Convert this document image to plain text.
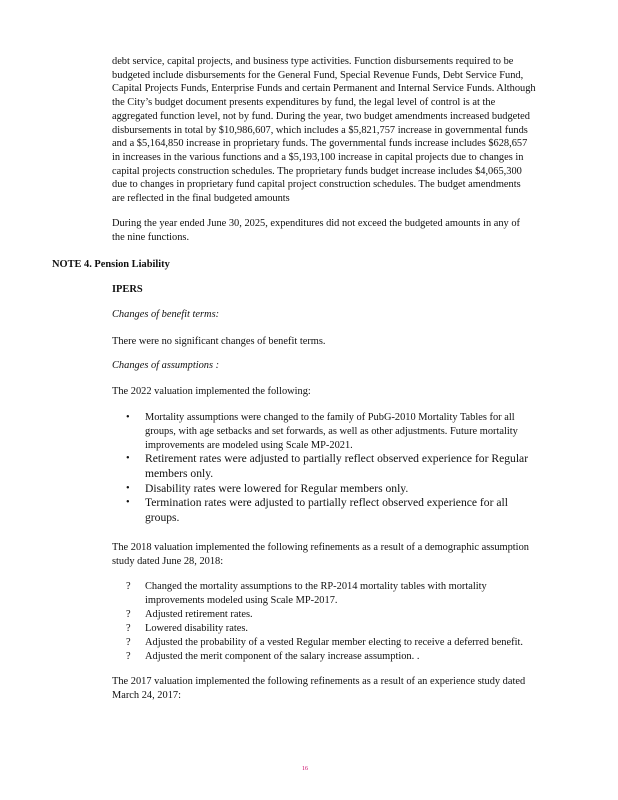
debt service, capital projects, and business type activities. Function disbursements required to be
budgeted include disbursements for the General Fund, Special Revenue Funds, Debt Service Fund,
Capital Projects Funds, Enterprise Funds and certain Permanent and Internal Service Funds. Although
the City’s budget document presents expenditures by fund, the legal level of control is at the
aggregated function level, not by fund. During the year, two budget amendments increased budgeted
disbursements in total by $10,986,607, which includes a $5,821,757 increase in governmental funds
and a $5,164,850 increase in proprietary funds. The governmental funds increase includes $628,657
in increases in the various functions and a $5,193,100 increase in capital projects due to changes in
capital projects construction schedules. The proprietary funds budget increase includes $4,065,300
due to changes in proprietary fund capital project construction schedules. The budget amendments
are reflected in the final budgeted amounts
During the year ended June 30, 2025, expenditures did not exceed the budgeted amounts in any of
the nine functions.
NOTE 4. Pension Liability
IPERS
Changes of benefit terms:
There were no significant changes of benefit terms.
Changes of assumptions :
The 2022 valuation implemented the following:
• Mortality assumptions were changed to the family of PubG-2010 Mortality Tables for all
groups, with age setbacks and set forwards, as well as other adjustments. Future mortality
improvements are modeled using Scale MP-2021.
• Retirement rates were adjusted to partially reflect observed experience for Regular
members only.
• Disability rates were lowered for Regular members only.
• Termination rates were adjusted to partially reflect observed experience for all
groups.
The 2018 valuation implemented the following refinements as a result of a demographic assumption
study dated June 28, 2018:
? Changed the mortality assumptions to the RP-2014 mortality tables with mortality
improvements modeled using Scale MP-2017.
? Adjusted retirement rates.
? Lowered disability rates.
? Adjusted the probability of a vested Regular member electing to receive a deferred benefit.
? Adjusted the merit component of the salary increase assumption. .
The 2017 valuation implemented the following refinements as a result of an experience study dated
March 24, 2017:
16
